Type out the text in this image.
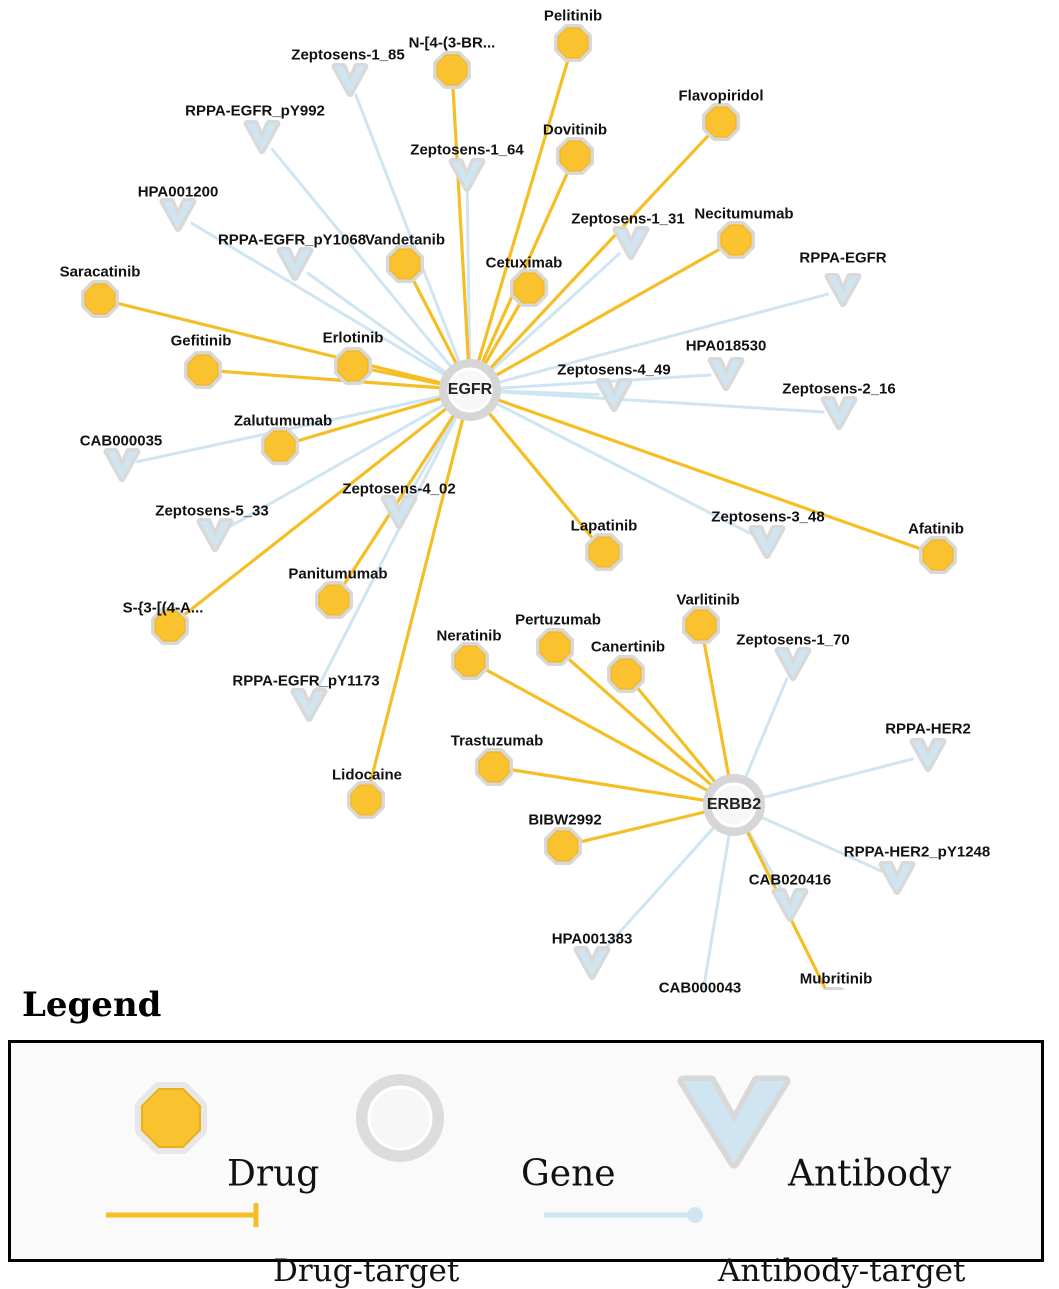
Zeptosens-1_85
RPPA-EGFR_pY992
Zeptosens-1_64
HPA001200
Zeptosens-1_31
RPPA-EGFR_pY1068
RPPA-EGFR
HPA018530
Zeptosens-4_49
Zeptosens-2_16
CAB000035
Zeptosens-4_02
Zeptosens-5_33	Zeptosens-3_48
Zeptosens-1_70
RPPA-EGFR_pY1173
RPPA-HER2
RPPA-HER2_pY1248
CAB020416
HPA001383
CAB000043
Pelitinib
N-[4-(3-BR...
Flavopiridol
Dovitinib
Necitumumab
Vandetanib
Cetuximab
Saracatinib
Gefitinib	Erlotinib
Zalutumumab
Afatinib
Lapatinib
Panitumumab
S-{3-[(4-A...	Varlitinib
Pertuzumab
Neratinib
Canertinib
Trastuzumab
Lidocaine
BIBW2992
Mubritinib
EGFR
ERBB2
Legend
Drug	Gene	Antibody
Drug-target	Antibody-target
